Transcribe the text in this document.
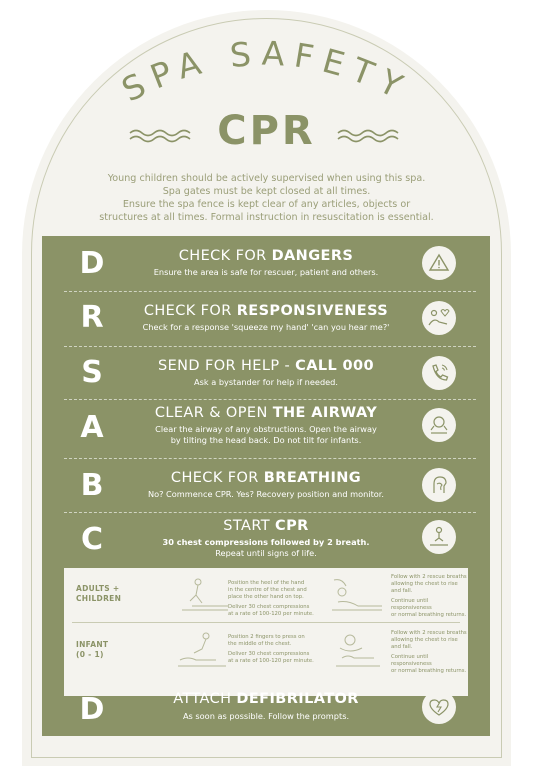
SPA SAFETY
CPR
Young children should be actively supervised when using this spa.
Spa gates must be kept closed at all times.
Ensure the spa fence is kept clear of any articles, objects or
structures at all times. Formal instruction in resuscitation is essential.
D	CHECK FOR DANGERS
Ensure the area is safe for rescuer, patient and others.
R	CHECK FOR RESPONSIVENESS
Check for a response 'squeeze my hand' 'can you hear me?'
S	SEND FOR HELP - CALL 000
Ask a bystander for help if needed.
A	CLEAR & OPEN THE AIRWAY
Clear the airway of any obstructions. Open the airway
by tilting the head back. Do not tilt for infants.
B	CHECK FOR BREATHING
No? Commence CPR. Yes? Recovery position and monitor.
C	START CPR
30 chest compressions followed by 2 breath.
Repeat until signs of life.
ADULTS +
CHILDREN
Position the heel of the hand
in the centre of the chest and
place the other hand on top.
Deliver 30 chest compressions
at a rate of 100-120 per minute.
Follow with 2 rescue breaths
allowing the chest to rise
and fall.
Continue until responsiveness
or normal breathing returns.
INFANT
(0 - 1)
Position 2 fingers to press on
the middle of the chest.
Deliver 30 chest compressions
at a rate of 100-120 per minute.
Follow with 2 rescue breaths
allowing the chest to rise
and fall.
Continue until responsiveness
or normal breathing returns.
D	ATTACH DEFIBRILATOR
As soon as possible. Follow the prompts.
